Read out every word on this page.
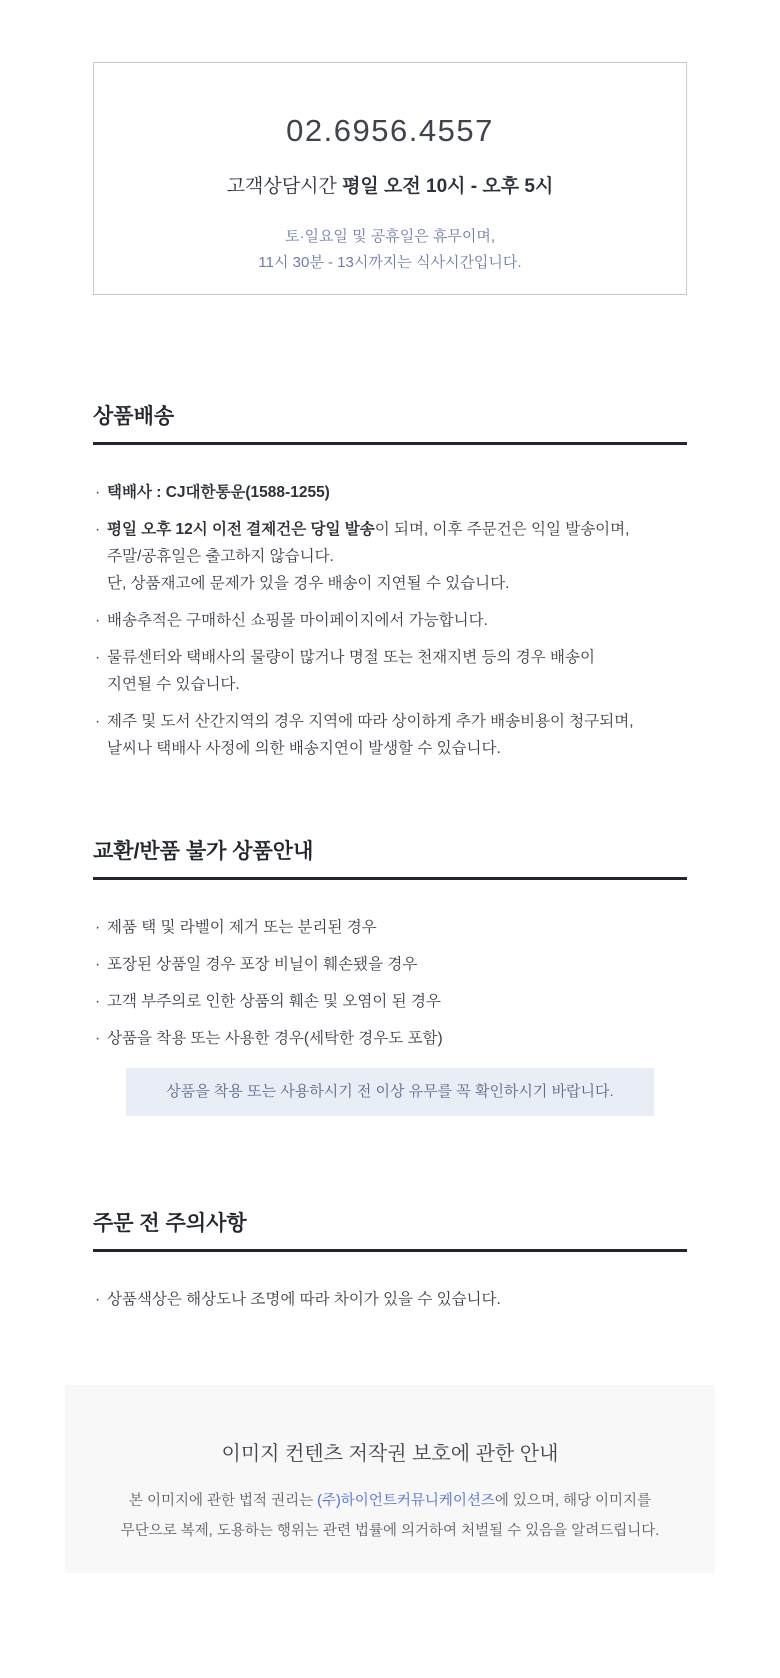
02.6956.4557
고객상담시간 평일 오전 10시 - 오후 5시
토·일요일 및 공휴일은 휴무이며,
11시 30분 - 13시까지는 식사시간입니다.
상품배송
· 택배사 : CJ대한통운(1588-1255)
· 평일 오후 12시 이전 결제건은 당일 발송이 되며, 이후 주문건은 익일 발송이며,
주말/공휴일은 출고하지 않습니다.
단, 상품재고에 문제가 있을 경우 배송이 지연될 수 있습니다.
· 배송추적은 구매하신 쇼핑몰 마이페이지에서 가능합니다.
· 물류센터와 택배사의 물량이 많거나 명절 또는 천재지변 등의 경우 배송이
지연될 수 있습니다.
· 제주 및 도서 산간지역의 경우 지역에 따라 상이하게 추가 배송비용이 청구되며,
날씨나 택배사 사정에 의한 배송지연이 발생할 수 있습니다.
교환/반품 불가 상품안내
· 제품 택 및 라벨이 제거 또는 분리된 경우
· 포장된 상품일 경우 포장 비닐이 훼손됐을 경우
· 고객 부주의로 인한 상품의 훼손 및 오염이 된 경우
· 상품을 착용 또는 사용한 경우(세탁한 경우도 포함)
상품을 착용 또는 사용하시기 전 이상 유무를 꼭 확인하시기 바랍니다.
주문 전 주의사항
· 상품색상은 해상도나 조명에 따라 차이가 있을 수 있습니다.
이미지 컨텐츠 저작권 보호에 관한 안내
본 이미지에 관한 법적 권리는 (주)하이언트커뮤니케이션즈에 있으며, 해당 이미지를
무단으로 복제, 도용하는 행위는 관련 법률에 의거하여 처벌될 수 있음을 알려드립니다.
